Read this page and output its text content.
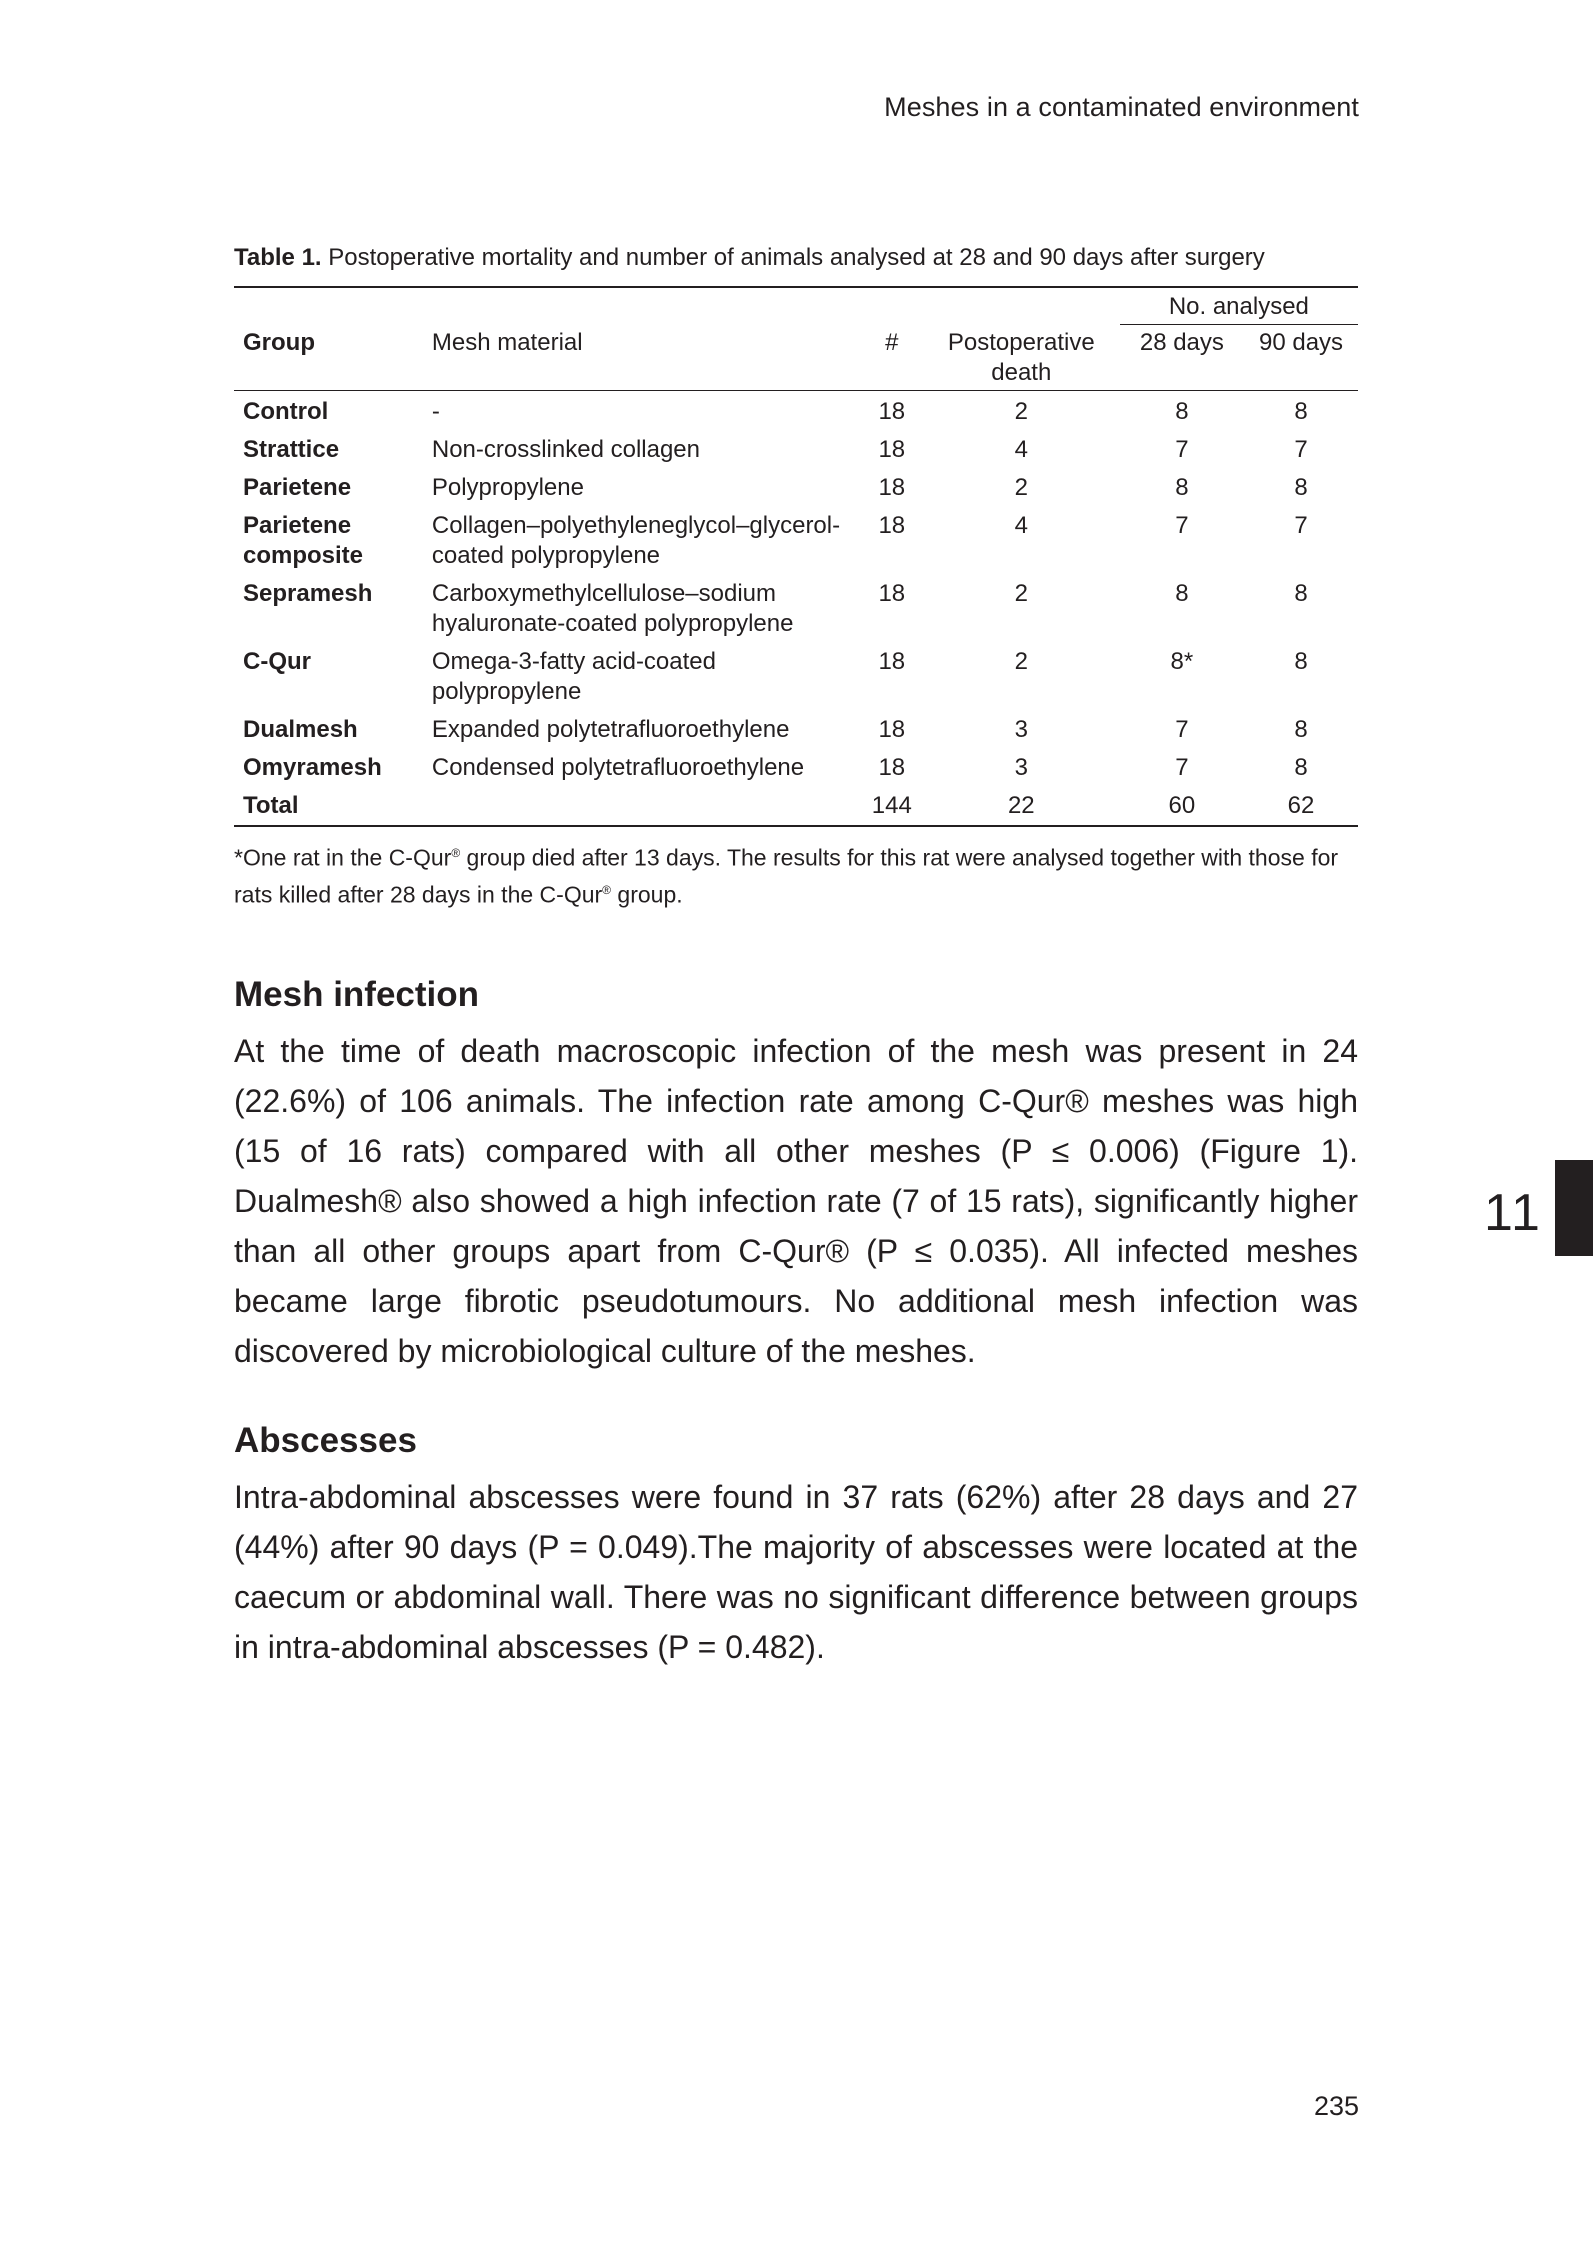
Meshes in a contaminated environment

Table 1. Postoperative mortality and number of animals analysed at 28 and 90 days after surgery

				No. analysed	
Group	Mesh material	#	Postoperative death	28 days	90 days
Control	-	18	2	8	8
Strattice	Non-crosslinked collagen	18	4	7	7
Parietene	Polypropylene	18	2	8	8
Parietene composite	Collagen–polyethyleneglycol–glycerol-coated polypropylene	18	4	7	7
Sepramesh	Carboxymethylcellulose–sodium hyaluronate-coated polypropylene	18	2	8	8
C-Qur	Omega-3-fatty acid-coated polypropylene	18	2	8*	8
Dualmesh	Expanded polytetrafluoroethylene	18	3	7	8
Omyramesh	Condensed polytetrafluoroethylene	18	3	7	8
Total		144	22	60	62
*One rat in the C-Qur® group died after 13 days. The results for this rat were analysed together with those for rats killed after 28 days in the C-Qur® group.
Mesh infection

At the time of death macroscopic infection of the mesh was present in 24 (22.6%) of 106 animals. The infection rate among C-Qur® meshes was high (15 of 16 rats) compared with all other meshes (P ≤ 0.006) (Figure 1). Dualmesh® also showed a high infection rate (7 of 15 rats), significantly higher than all other groups apart from C-Qur® (P ≤ 0.035). All infected meshes became large fibrotic pseudotumours. No additional mesh infection was discovered by microbiological culture of the meshes.

Abscesses

Intra-abdominal abscesses were found in 37 rats (62%) after 28 days and 27 (44%) after 90 days (P = 0.049).The majority of abscesses were located at the caecum or abdominal wall. There was no significant difference between groups in intra-abdominal abscesses (P = 0.482).

11
235
